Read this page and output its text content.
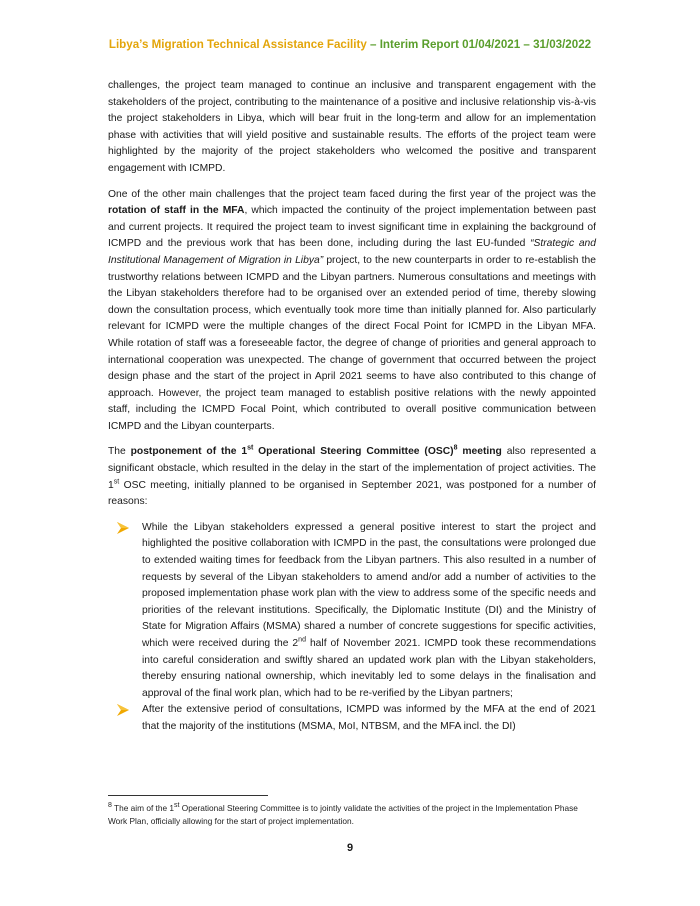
Libya’s Migration Technical Assistance Facility – Interim Report 01/04/2021 – 31/03/2022

challenges, the project team managed to continue an inclusive and transparent engagement with the stakeholders of the project, contributing to the maintenance of a positive and inclusive relationship vis-à-vis the project stakeholders in Libya, which will bear fruit in the long-term and allow for an implementation phase with activities that will yield positive and sustainable results. The efforts of the project team were highlighted by the majority of the project stakeholders who welcomed the positive and transparent engagement with ICMPD.

One of the other main challenges that the project team faced during the first year of the project was the rotation of staff in the MFA, which impacted the continuity of the project implementation between past and current projects. It required the project team to invest significant time in explaining the background of ICMPD and the previous work that has been done, including during the last EU-funded “Strategic and Institutional Management of Migration in Libya” project, to the new counterparts in order to re-establish the trustworthy relations between ICMPD and the Libyan partners. Numerous consultations and meetings with the Libyan stakeholders therefore had to be organised over an extended period of time, thereby slowing down the consultation process, which eventually took more time than initially planned for. Also particularly relevant for ICMPD were the multiple changes of the direct Focal Point for ICMPD in the Libyan MFA. While rotation of staff was a foreseeable factor, the degree of change of priorities and general approach to international cooperation was unexpected. The change of government that occurred between the project design phase and the start of the project in April 2021 seems to have also contributed to this change of approach. However, the project team managed to establish positive relations with the newly appointed staff, including the ICMPD Focal Point, which contributed to overall positive communication between ICMPD and the Libyan counterparts.

The postponement of the 1st Operational Steering Committee (OSC)$^8$ meeting also represented a significant obstacle, which resulted in the delay in the start of the implementation of project activities. The 1st OSC meeting, initially planned to be organised in September 2021, was postponed for a number of reasons:

While the Libyan stakeholders expressed a general positive interest to start the project and highlighted the positive collaboration with ICMPD in the past, the consultations were prolonged due to extended waiting times for feedback from the Libyan partners. This also resulted in a number of requests by several of the Libyan stakeholders to amend and/or add a number of activities to the proposed implementation phase work plan with the view to address some of the specific needs and priorities of the relevant institutions. Specifically, the Diplomatic Institute (DI) and the Ministry of State for Migration Affairs (MSMA) shared a number of concrete suggestions for specific activities, which were received during the 2nd half of November 2021. ICMPD took these recommendations into careful consideration and swiftly shared an updated work plan with the Libyan stakeholders, thereby ensuring national ownership, which inevitably led to some delays in the finalisation and approval of the final work plan, which had to be re-verified by the Libyan partners;
After the extensive period of consultations, ICMPD was informed by the MFA at the end of 2021 that the majority of the institutions (MSMA, MoI, NTBSM, and the MFA incl. the DI)
$^8$ The aim of the 1st Operational Steering Committee is to jointly validate the activities of the project in the Implementation Phase Work Plan, officially allowing for the start of project implementation.
9
